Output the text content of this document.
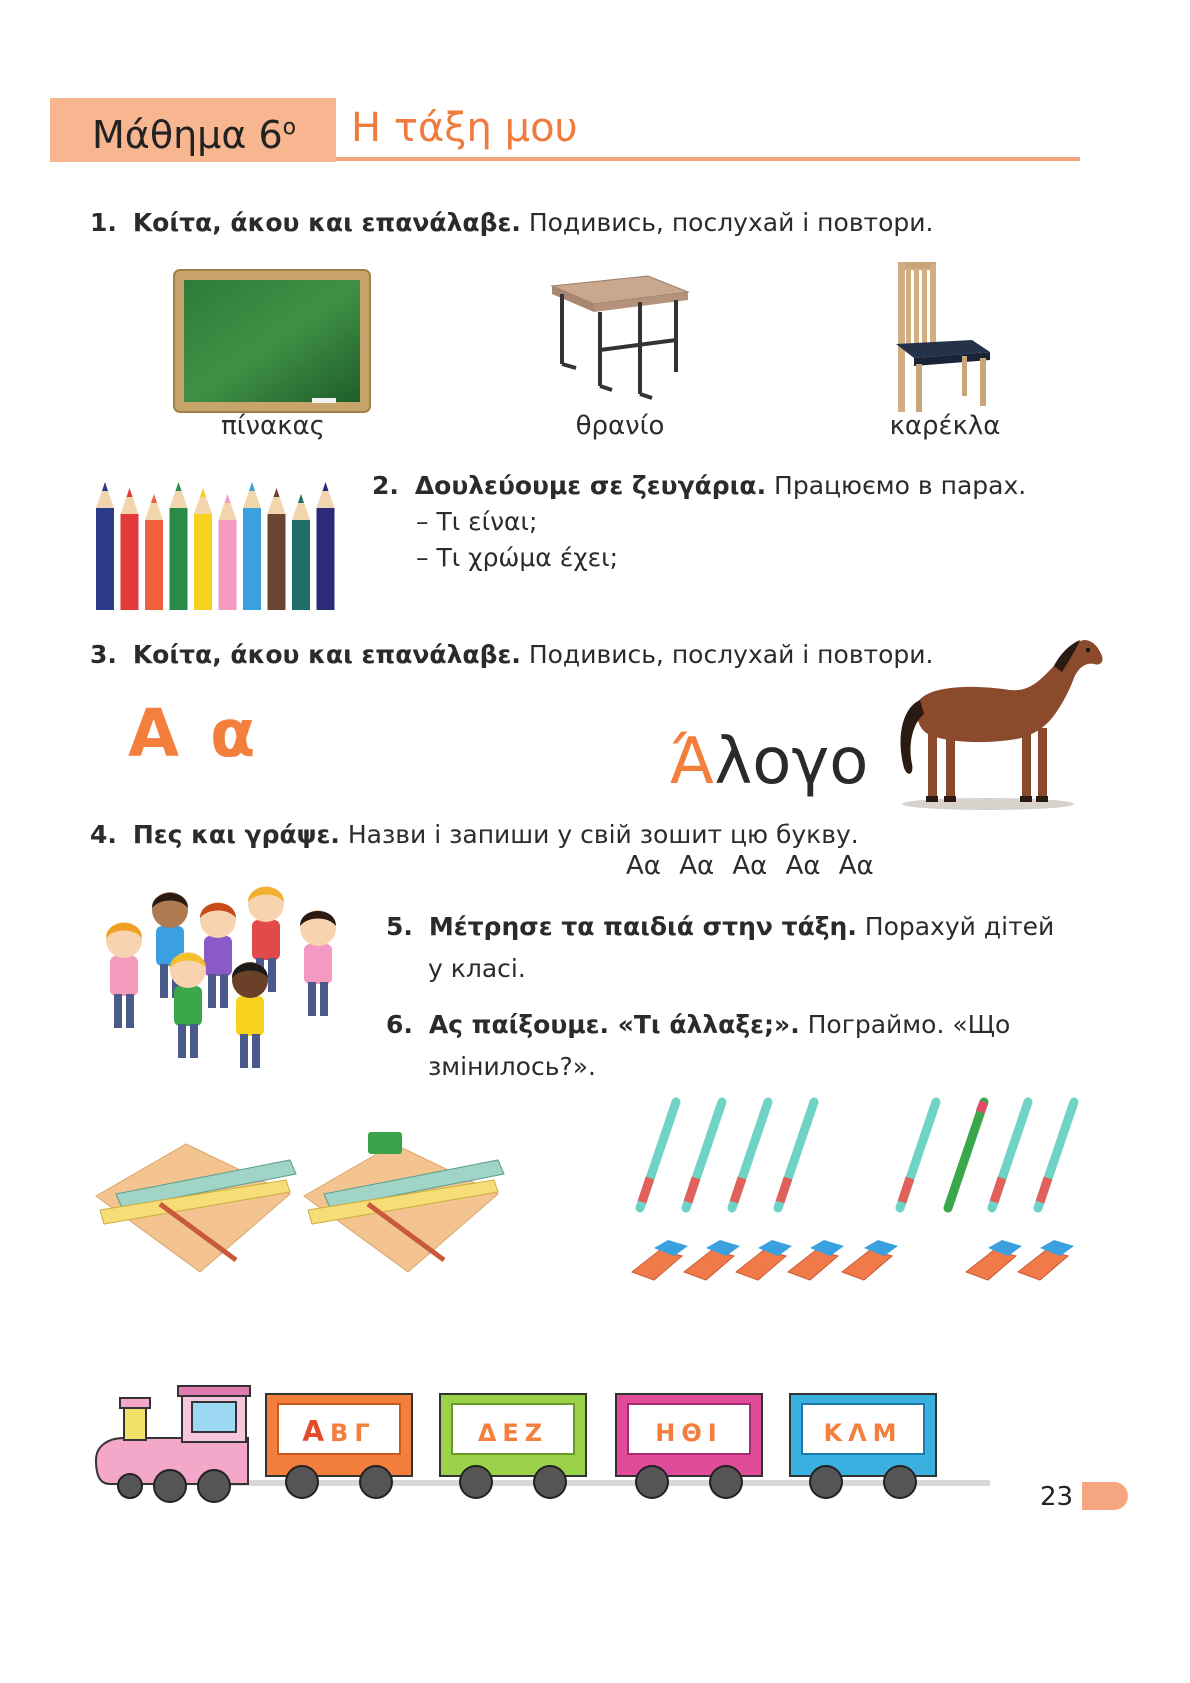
Μάθημα $6^o$ Η τάξη μου
1. Κοίτα, άκου και επανάλαβε. Подивись, послухай і повтори.
πίνακας	θρανίο	καρέκλα
2. Δουλεύουμε σε ζευγάρια. Працюємо в парах.
– Τι είναι;
– Τι χρώμα έχει;
3. Κοίτα, άκου και επανάλαβε. Подивись, послухай і повтори.
Α α	Άλογο
4. Πες και γράψε. Назви і запиши у свій зошит цю букву.
Αα Αα Αα Αα Αα
5. Μέτρησε τα παιδιά στην τάξη. Порахуй дітей
у класі.
6. Ας παίξουμε. «Τι άλλαξε;». Пограймо. «Що
змінилось?».
ΑΒΓ	ΔΕΖ	ΗΘΙ	ΚΛΜ
23
